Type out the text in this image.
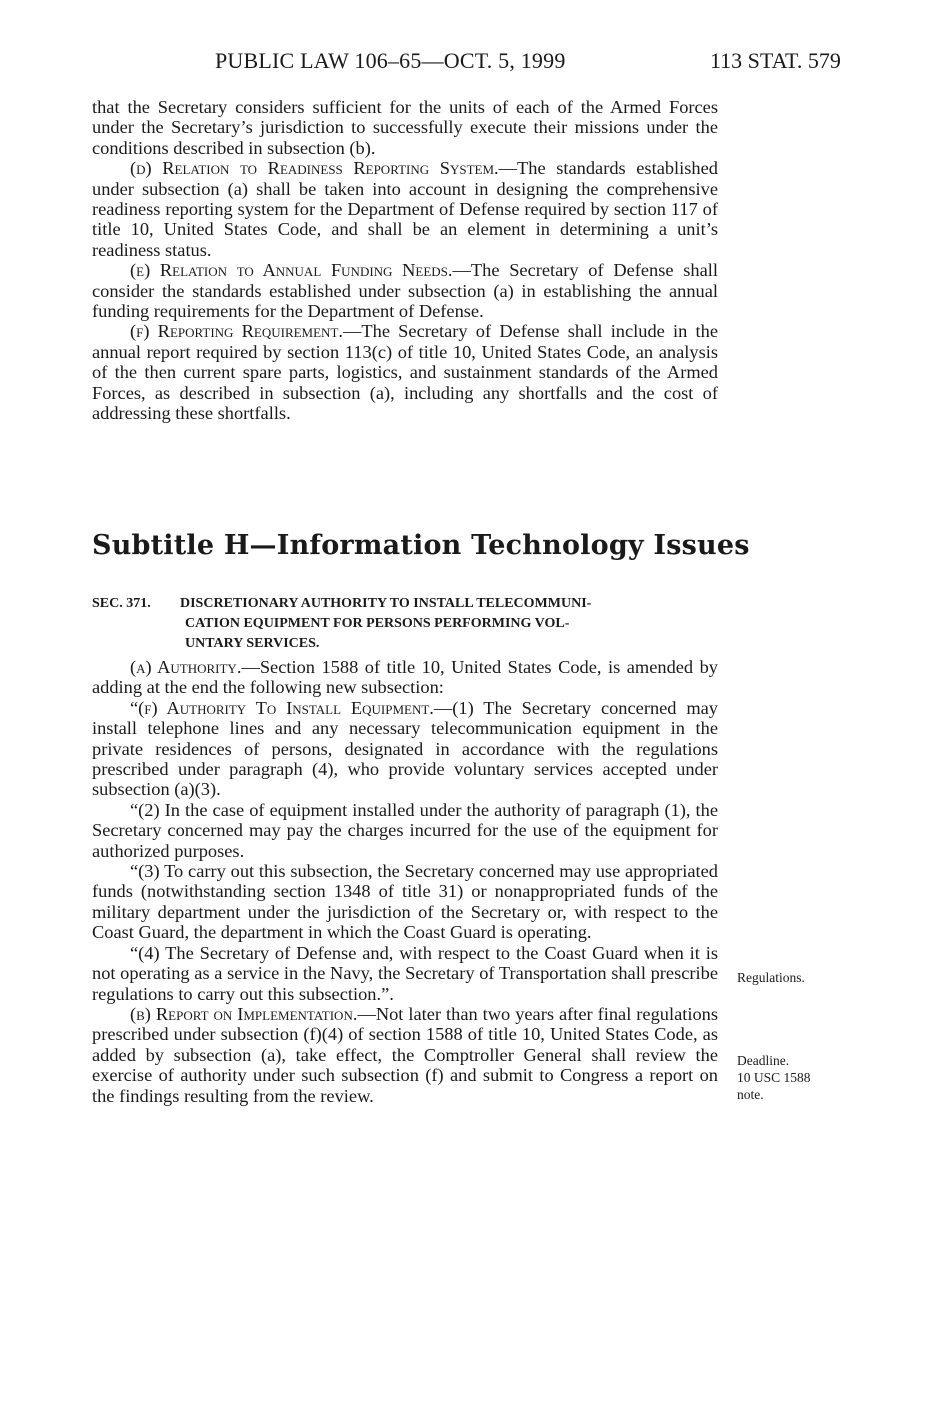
PUBLIC LAW 106–65—OCT. 5, 1999	113 STAT. 579

that the Secretary considers sufficient for the units of each of the Armed Forces under the Secretary’s jurisdiction to successfully execute their missions under the conditions described in subsection (b).

(d) Relation to Readiness Reporting System.—The standards established under subsection (a) shall be taken into account in designing the comprehensive readiness reporting system for the Department of Defense required by section 117 of title 10, United States Code, and shall be an element in determining a unit’s readiness status.

(e) Relation to Annual Funding Needs.—The Secretary of Defense shall consider the standards established under subsection (a) in establishing the annual funding requirements for the Department of Defense.

(f) Reporting Requirement.—The Secretary of Defense shall include in the annual report required by section 113(c) of title 10, United States Code, an analysis of the then current spare parts, logistics, and sustainment standards of the Armed Forces, as described in subsection (a), including any shortfalls and the cost of addressing these shortfalls.

Subtitle H—Information Technology Issues
SEC. 371. DISCRETIONARY AUTHORITY TO INSTALL TELECOMMUNI-
CATION EQUIPMENT FOR PERSONS PERFORMING VOL-
UNTARY SERVICES.

(a) Authority.—Section 1588 of title 10, United States Code, is amended by adding at the end the following new subsection:

“(f) Authority To Install Equipment.—(1) The Secretary concerned may install telephone lines and any necessary telecommunication equipment in the private residences of persons, designated in accordance with the regulations prescribed under paragraph (4), who provide voluntary services accepted under subsection (a)(3).

“(2) In the case of equipment installed under the authority of paragraph (1), the Secretary concerned may pay the charges incurred for the use of the equipment for authorized purposes.

“(3) To carry out this subsection, the Secretary concerned may use appropriated funds (notwithstanding section 1348 of title 31) or nonappropriated funds of the military department under the jurisdiction of the Secretary or, with respect to the Coast Guard, the department in which the Coast Guard is operating.

“(4) The Secretary of Defense and, with respect to the Coast Guard when it is not operating as a service in the Navy, the Secretary of Transportation shall prescribe regulations to carry out this subsection.”.

(b) Report on Implementation.—Not later than two years after final regulations prescribed under subsection (f)(4) of section 1588 of title 10, United States Code, as added by subsection (a), take effect, the Comptroller General shall review the exercise of authority under such subsection (f) and submit to Congress a report on the findings resulting from the review.

Regulations.
Deadline.
10 USC 1588
note.
